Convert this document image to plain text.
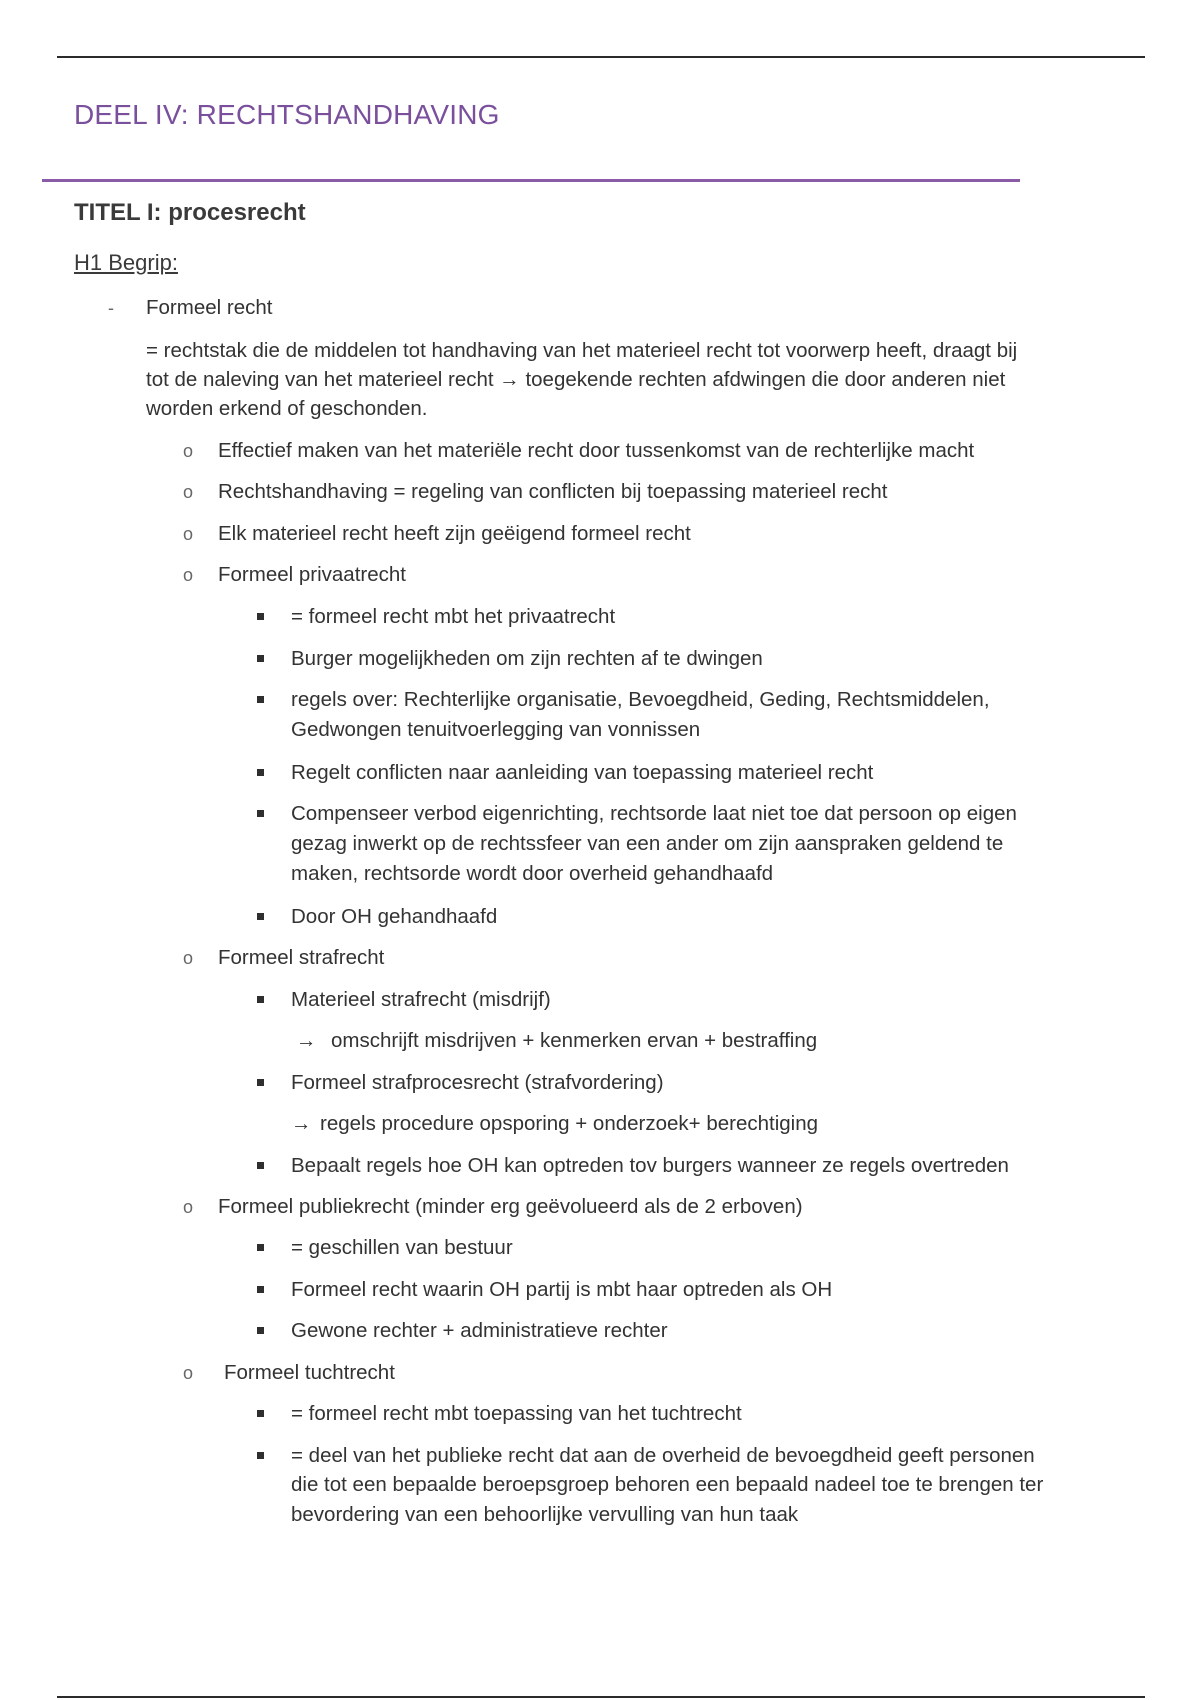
DEEL IV: RECHTSHANDHAVING
TITEL I: procesrecht
H1 Begrip:
- Formeel recht
= rechtstak die de middelen tot handhaving van het materieel recht tot voorwerp heeft, draagt bij
tot de naleving van het materieel recht → toegekende rechten afdwingen die door anderen niet
worden erkend of geschonden.
o Effectief maken van het materiële recht door tussenkomst van de rechterlijke macht
o Rechtshandhaving = regeling van conflicten bij toepassing materieel recht
o Elk materieel recht heeft zijn geëigend formeel recht
o Formeel privaatrecht
= formeel recht mbt het privaatrecht
Burger mogelijkheden om zijn rechten af te dwingen
regels over: Rechterlijke organisatie, Bevoegdheid, Geding, Rechtsmiddelen,
Gedwongen tenuitvoerlegging van vonnissen
Regelt conflicten naar aanleiding van toepassing materieel recht
Compenseer verbod eigenrichting, rechtsorde laat niet toe dat persoon op eigen
gezag inwerkt op de rechtssfeer van een ander om zijn aanspraken geldend te
maken, rechtsorde wordt door overheid gehandhaafd
Door OH gehandhaafd
o Formeel strafrecht
Materieel strafrecht (misdrijf)
→ omschrijft misdrijven + kenmerken ervan + bestraffing
Formeel strafprocesrecht (strafvordering)
→ regels procedure opsporing + onderzoek+ berechtiging
Bepaalt regels hoe OH kan optreden tov burgers wanneer ze regels overtreden
o Formeel publiekrecht (minder erg geëvolueerd als de 2 erboven)
= geschillen van bestuur
Formeel recht waarin OH partij is mbt haar optreden als OH
Gewone rechter + administratieve rechter
o Formeel tuchtrecht
= formeel recht mbt toepassing van het tuchtrecht
= deel van het publieke recht dat aan de overheid de bevoegdheid geeft personen
die tot een bepaalde beroepsgroep behoren een bepaald nadeel toe te brengen ter
bevordering van een behoorlijke vervulling van hun taak
